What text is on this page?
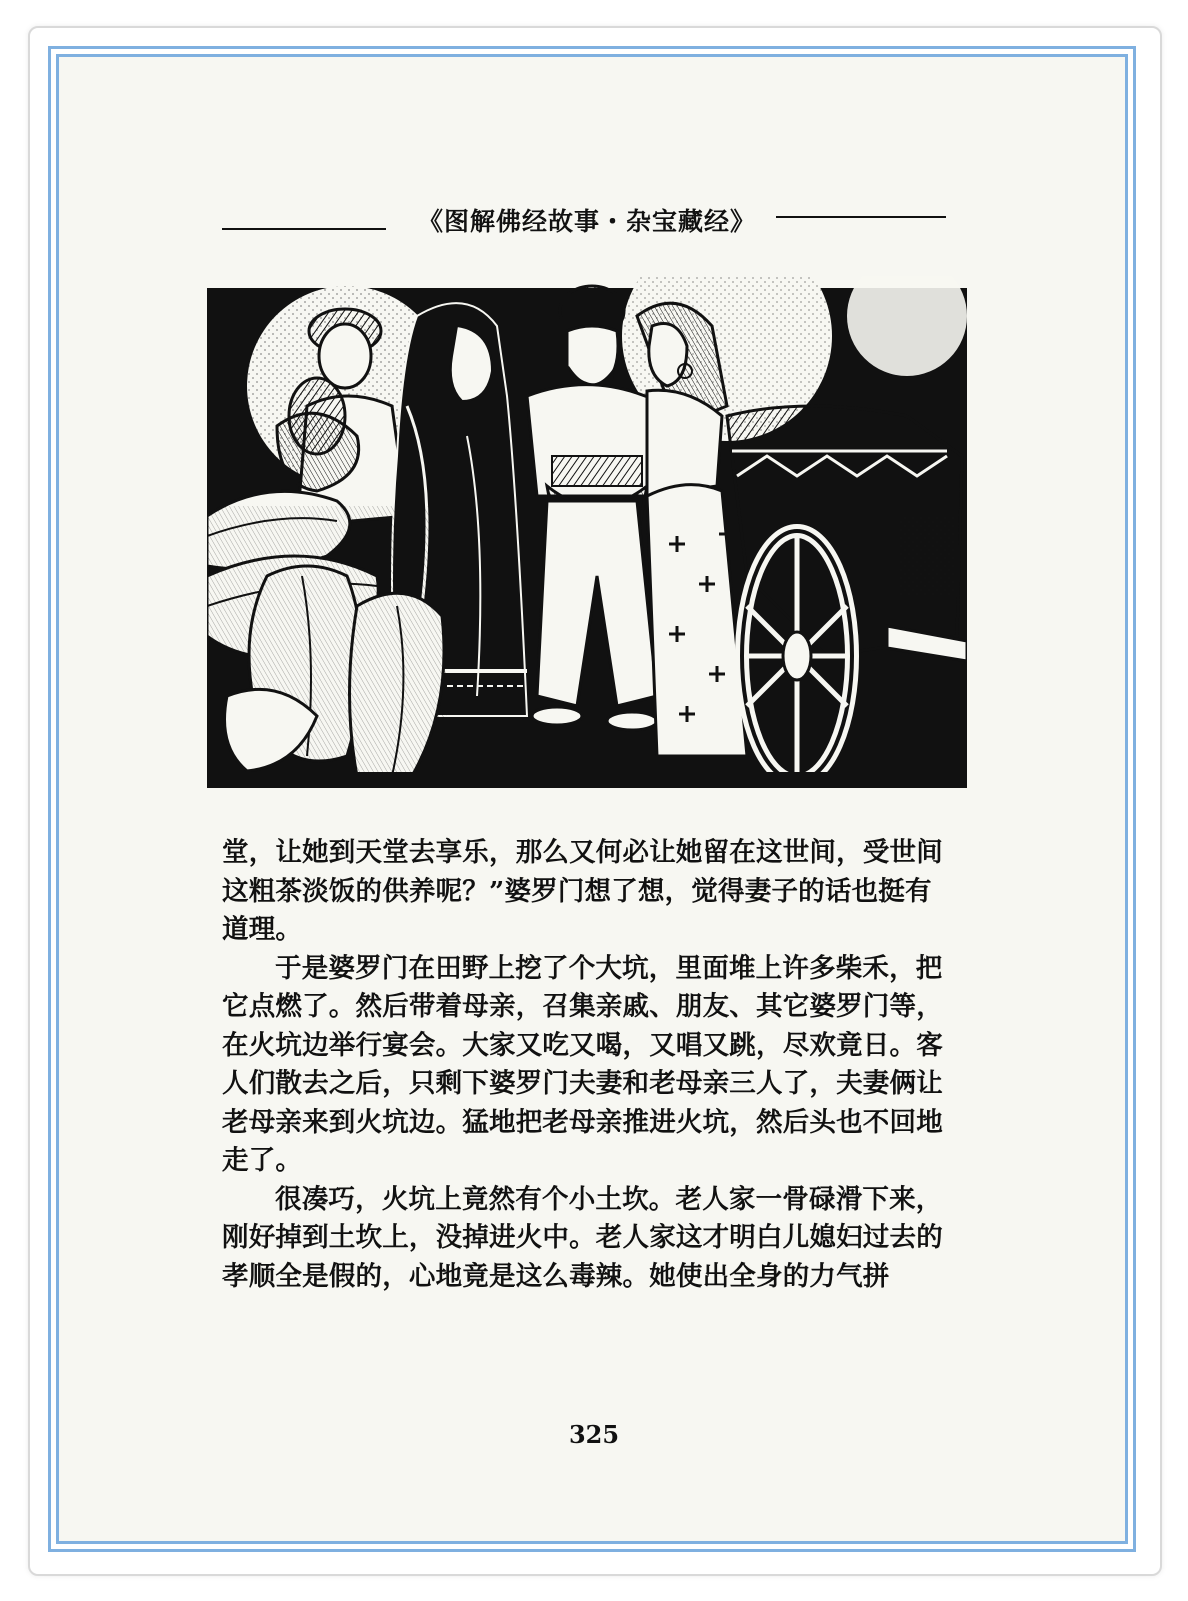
《图解佛经故事・杂宝藏经》

堂，让她到天堂去享乐，那么又何必让她留在这世间，受世间这粗茶淡饭的供养呢？”婆罗门想了想，觉得妻子的话也挺有道理。

于是婆罗门在田野上挖了个大坑，里面堆上许多柴禾，把它点燃了。然后带着母亲，召集亲戚、朋友、其它婆罗门等，在火坑边举行宴会。大家又吃又喝，又唱又跳，尽欢竟日。客人们散去之后，只剩下婆罗门夫妻和老母亲三人了，夫妻俩让老母亲来到火坑边。猛地把老母亲推进火坑，然后头也不回地走了。

很凑巧，火坑上竟然有个小土坎。老人家一骨碌滑下来，刚好掉到土坎上，没掉进火中。老人家这才明白儿媳妇过去的孝顺全是假的，心地竟是这么毒辣。她使出全身的力气拼

325
